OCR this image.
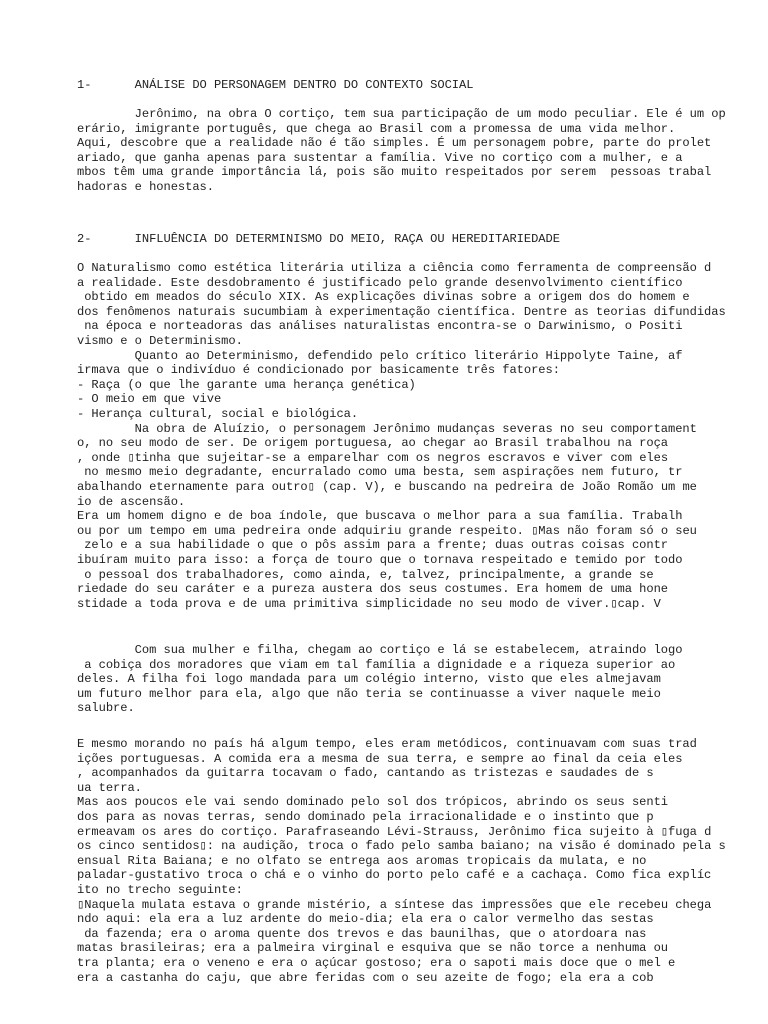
1-      ANÁLISE DO PERSONAGEM DENTRO DO CONTEXTO SOCIAL

Jerônimo, na obra O cortiço, tem sua participação de um modo peculiar. Ele é um op

erário, imigrante português, que chega ao Brasil com a promessa de uma vida melhor.

Aqui, descobre que a realidade não é tão simples. É um personagem pobre, parte do prolet

ariado, que ganha apenas para sustentar a família. Vive no cortiço com a mulher, e a

mbos têm uma grande importância lá, pois são muito respeitados por serem  pessoas trabal

hadoras e honestas.

2-      INFLUÊNCIA DO DETERMINISMO DO MEIO, RAÇA OU HEREDITARIEDADE

O Naturalismo como estética literária utiliza a ciência como ferramenta de compreensão d

a realidade. Este desdobramento é justificado pelo grande desenvolvimento científico

obtido em meados do século XIX. As explicações divinas sobre a origem dos do homem e

dos fenômenos naturais sucumbiam à experimentação científica. Dentre as teorias difundidas

na época e norteadoras das análises naturalistas encontra-se o Darwinismo, o Positi

vismo e o Determinismo.

Quanto ao Determinismo, defendido pelo crítico literário Hippolyte Taine, af

irmava que o indivíduo é condicionado por basicamente três fatores:

- Raça (o que lhe garante uma herança genética)

- O meio em que vive

- Herança cultural, social e biológica.

Na obra de Aluízio, o personagem Jerônimo mudanças severas no seu comportament

o, no seu modo de ser. De origem portuguesa, ao chegar ao Brasil trabalhou na roça

, onde ▯tinha que sujeitar-se a emparelhar com os negros escravos e viver com eles

no mesmo meio degradante, encurralado como uma besta, sem aspirações nem futuro, tr

abalhando eternamente para outro▯ (cap. V), e buscando na pedreira de João Romão um me

io de ascensão.

Era um homem digno e de boa índole, que buscava o melhor para a sua família. Trabalh

ou por um tempo em uma pedreira onde adquiriu grande respeito. ▯Mas não foram só o seu

zelo e a sua habilidade o que o pôs assim para a frente; duas outras coisas contr

ibuíram muito para isso: a força de touro que o tornava respeitado e temido por todo

o pessoal dos trabalhadores, como ainda, e, talvez, principalmente, a grande se

riedade do seu caráter e a pureza austera dos seus costumes. Era homem de uma hone

stidade a toda prova e de uma primitiva simplicidade no seu modo de viver.▯cap. V

Com sua mulher e filha, chegam ao cortiço e lá se estabelecem, atraindo logo

a cobiça dos moradores que viam em tal família a dignidade e a riqueza superior ao

deles. A filha foi logo mandada para um colégio interno, visto que eles almejavam

um futuro melhor para ela, algo que não teria se continuasse a viver naquele meio

salubre.

E mesmo morando no país há algum tempo, eles eram metódicos, continuavam com suas trad

ições portuguesas. A comida era a mesma de sua terra, e sempre ao final da ceia eles

, acompanhados da guitarra tocavam o fado, cantando as tristezas e saudades de s

ua terra.

Mas aos poucos ele vai sendo dominado pelo sol dos trópicos, abrindo os seus senti

dos para as novas terras, sendo dominado pela irracionalidade e o instinto que p

ermeavam os ares do cortiço. Parafraseando Lévi-Strauss, Jerônimo fica sujeito à ▯fuga d

os cinco sentidos▯: na audição, troca o fado pelo samba baiano; na visão é dominado pela s

ensual Rita Baiana; e no olfato se entrega aos aromas tropicais da mulata, e no

paladar-gustativo troca o chá e o vinho do porto pelo café e a cachaça. Como fica explíc

ito no trecho seguinte:

▯Naquela mulata estava o grande mistério, a síntese das impressões que ele recebeu chega

ndo aqui: ela era a luz ardente do meio-dia; ela era o calor vermelho das sestas

da fazenda; era o aroma quente dos trevos e das baunilhas, que o atordoara nas

matas brasileiras; era a palmeira virginal e esquiva que se não torce a nenhuma ou

tra planta; era o veneno e era o açúcar gostoso; era o sapoti mais doce que o mel e

era a castanha do caju, que abre feridas com o seu azeite de fogo; ela era a cob
